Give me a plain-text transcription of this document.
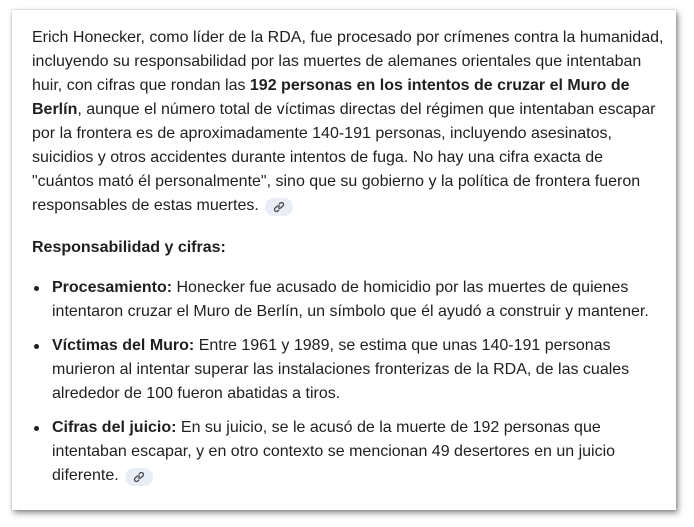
Erich Honecker, como líder de la RDA, fue procesado por crímenes contra la humanidad, incluyendo su responsabilidad por las muertes de alemanes orientales que intentaban huir, con cifras que rondan las 192 personas en los intentos de cruzar el Muro de Berlín, aunque el número total de víctimas directas del régimen que intentaban escapar por la frontera es de aproximadamente 140-191 personas, incluyendo asesinatos, suicidios y otros accidentes durante intentos de fuga. No hay una cifra exacta de "cuántos mató él personalmente", sino que su gobierno y la política de frontera fueron responsables de estas muertes.

Responsabilidad y cifras:
Procesamiento: Honecker fue acusado de homicidio por las muertes de quienes intentaron cruzar el Muro de Berlín, un símbolo que él ayudó a construir y mantener.
Víctimas del Muro: Entre 1961 y 1989, se estima que unas 140-191 personas murieron al intentar superar las instalaciones fronterizas de la RDA, de las cuales alrededor de 100 fueron abatidas a tiros.
Cifras del juicio: En su juicio, se le acusó de la muerte de 192 personas que intentaban escapar, y en otro contexto se mencionan 49 desertores en un juicio diferente.
